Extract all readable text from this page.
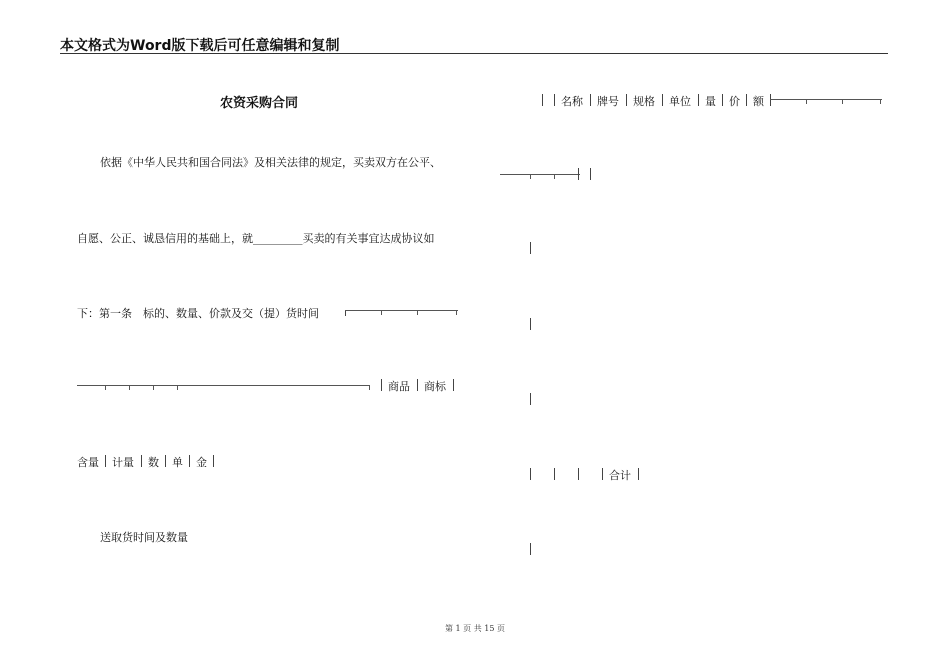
本文格式为Word版下载后可任意编辑和复制
农资采购合同
依据《中华人民共和国合同法》及相关法律的规定，买卖双方在公平、
自愿、公正、诚恳信用的基础上，就_________买卖的有关事宜达成协议如
下：第一条　标的、数量、价款及交（提）货时间
送取货时间及数量
名称 牌号 规格 单位 量 价 额
合计
商品 商标
含量 计量 数 单 金
第 1 页 共 15 页
